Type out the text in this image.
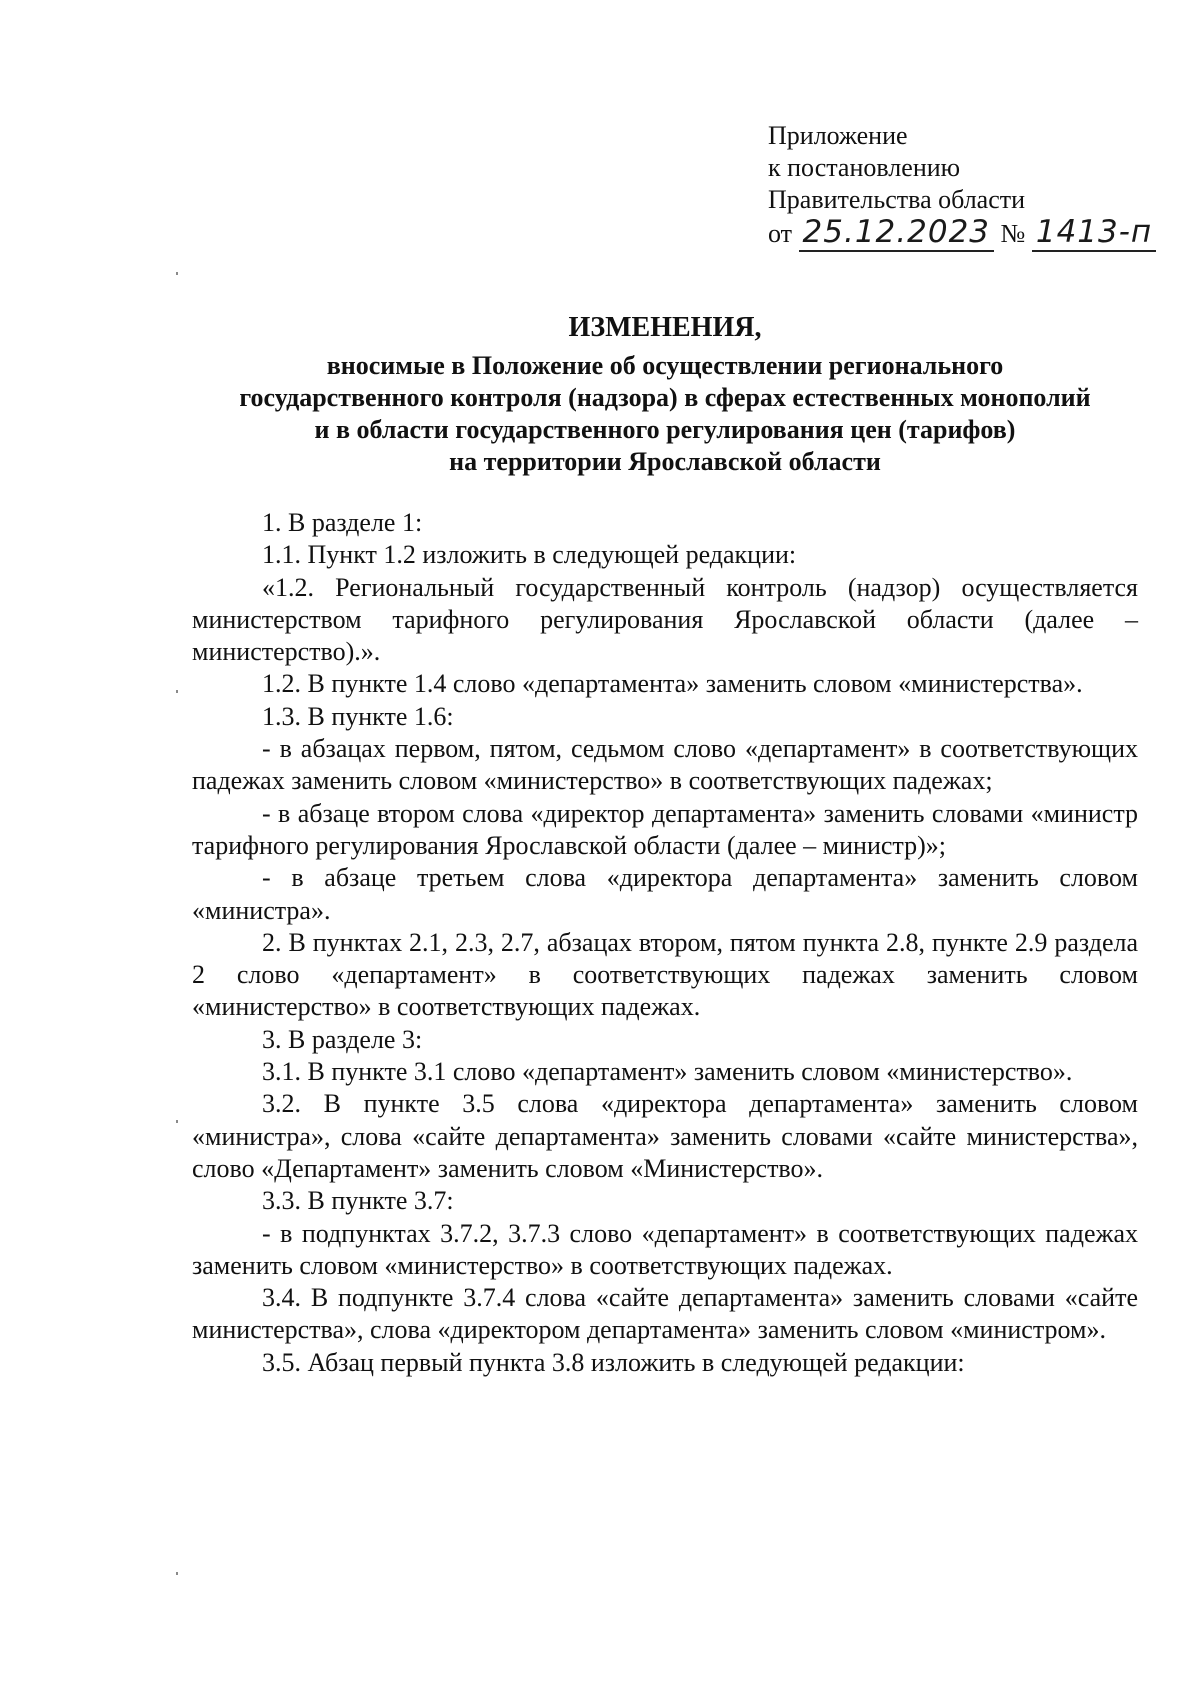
Приложение
к постановлению
Правительства области
от 25.12.2023 № 1413-п
ИЗМЕНЕНИЯ,
вносимые в Положение об осуществлении регионального
государственного контроля (надзора) в сферах естественных монополий
и в области государственного регулирования цен (тарифов)
на территории Ярославской области

1. В разделе 1:

1.1. Пункт 1.2 изложить в следующей редакции:

«1.2. Региональный государственный контроль (надзор) осуществляется министерством тарифного регулирования Ярославской области (далее – министерство).».

1.2. В пункте 1.4 слово «департамента» заменить словом «министерства».

1.3. В пункте 1.6:

- в абзацах первом, пятом, седьмом слово «департамент» в соответствующих падежах заменить словом «министерство» в соответствующих падежах;

- в абзаце втором слова «директор департамента» заменить словами «министр тарифного регулирования Ярославской области (далее – министр)»;

- в абзаце третьем слова «директора департамента» заменить словом «министра».

2. В пунктах 2.1, 2.3, 2.7, абзацах втором, пятом пункта 2.8, пункте 2.9 раздела 2 слово «департамент» в соответствующих падежах заменить словом «министерство» в соответствующих падежах.

3. В разделе 3:

3.1. В пункте 3.1 слово «департамент» заменить словом «министерство».

3.2. В пункте 3.5 слова «директора департамента» заменить словом «министра», слова «сайте департамента» заменить словами «сайте министерства», слово «Департамент» заменить словом «Министерство».

3.3. В пункте 3.7:

- в подпунктах 3.7.2, 3.7.3 слово «департамент» в соответствующих падежах заменить словом «министерство» в соответствующих падежах.

3.4. В подпункте 3.7.4 слова «сайте департамента» заменить словами «сайте министерства», слова «директором департамента» заменить словом «министром».

3.5. Абзац первый пункта 3.8 изложить в следующей редакции:
